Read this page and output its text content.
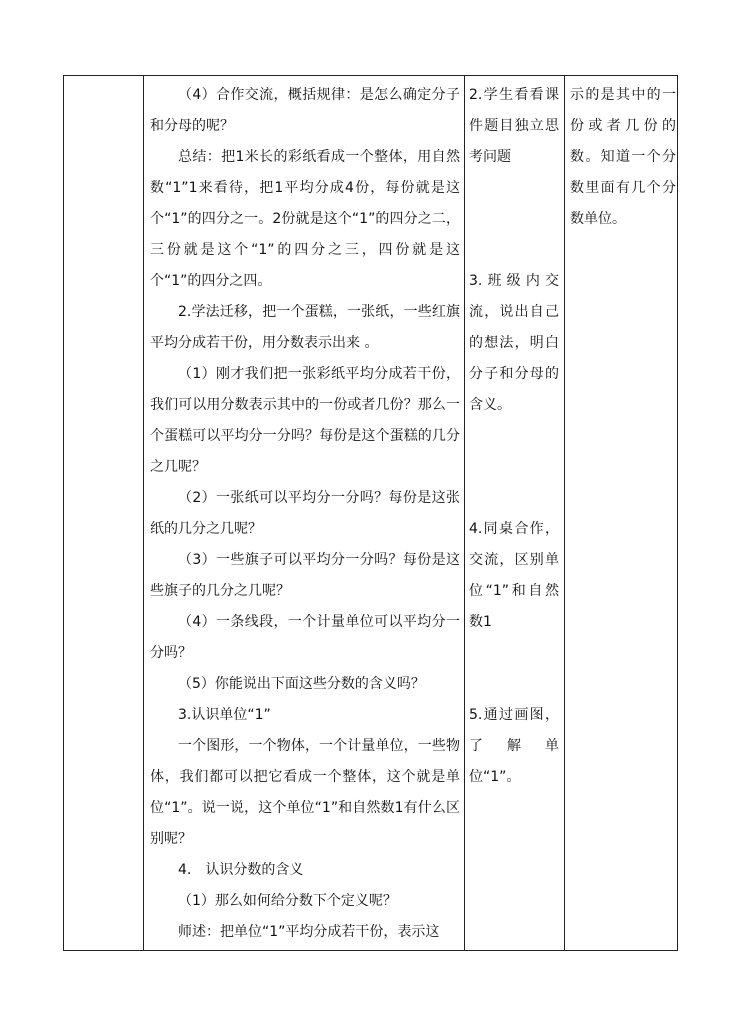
（4）合作交流，概括规律：是怎么确定分子和分母的呢？

总结：把1米长的彩纸看成一个整体，用自然数“1”1来看待，把1平均分成4份，每份就是这个“1”的四分之一。2份就是这个“1”的四分之二，三份就是这个“1”的四分之三，四份就是这个“1”的四分之四。

2.学法迁移，把一个蛋糕，一张纸，一些红旗平均分成若干份，用分数表示出来 。

（1）刚才我们把一张彩纸平均分成若干份，我们可以用分数表示其中的一份或者几份？那么一个蛋糕可以平均分一分吗？每份是这个蛋糕的几分之几呢？

（2）一张纸可以平均分一分吗？每份是这张纸的几分之几呢？

（3）一些旗子可以平均分一分吗？每份是这些旗子的几分之几呢？

（4）一条线段，一个计量单位可以平均分一分吗？

（5）你能说出下面这些分数的含义吗？

3.认识单位“1”

一个图形，一个物体，一个计量单位，一些物体，我们都可以把它看成一个整体，这个就是单位“1”。说一说，这个单位“1”和自然数1有什么区别呢？

4.　认识分数的含义

（1）那么如何给分数下个定义呢？

师述：把单位“1”平均分成若干份，表示这

2.学生看看课件题目独立思考问题

3.班级内交流，说出自己的想法，明白分子和分母的含义。

4.同桌合作，交流，区别单位“1”和自然数1

5.通过画图，了解单位“1”。

示的是其中的一份或者几份的数。知道一个分数里面有几个分数单位。
